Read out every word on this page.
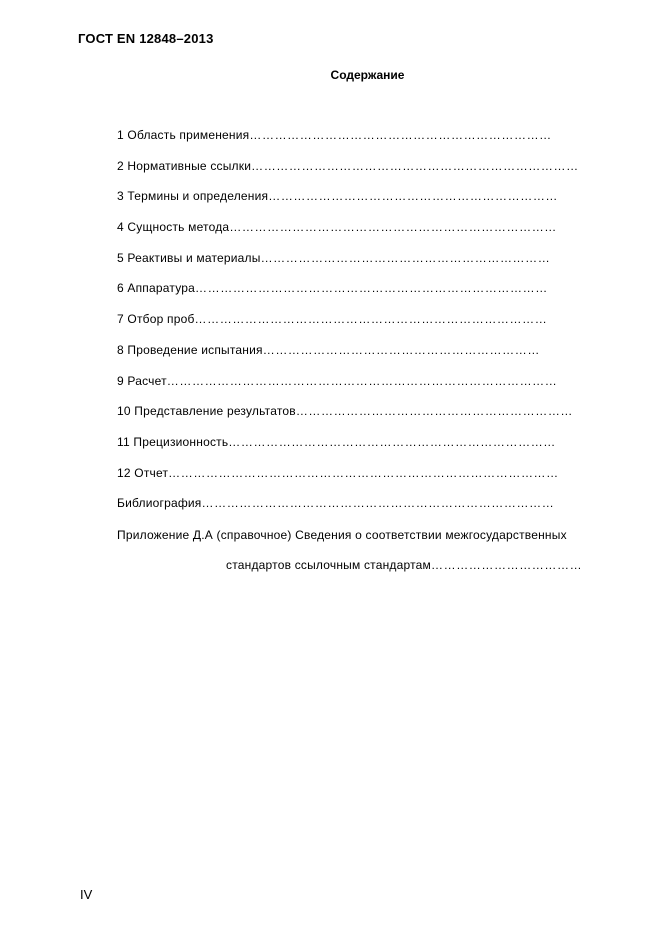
ГОСТ EN 12848–2013
Содержание
1 Область применения………………………………………………………………
2 Нормативные ссылки……………………………………………………………………
3 Термины и определения……………………………………………………………
4 Сущность метода……………………………………………………………………
5 Реактивы и материалы……………………………………………………………
6 Аппаратура…………………………………………………………………………
7 Отбор проб…………………………………………………………………………
8 Проведение испытания…………………………………………………………
9 Расчет…………………………………………………………………………………
10 Представление результатов…………………………………………………………
11 Прецизионность……………………………………………………………………
12 Отчет…………………………………………………………………………………
Библиография…………………………………………………………………………
Приложение Д.А (справочное) Сведения о соответствии межгосударственных
стандартов ссылочным стандартам………………………………
IV
